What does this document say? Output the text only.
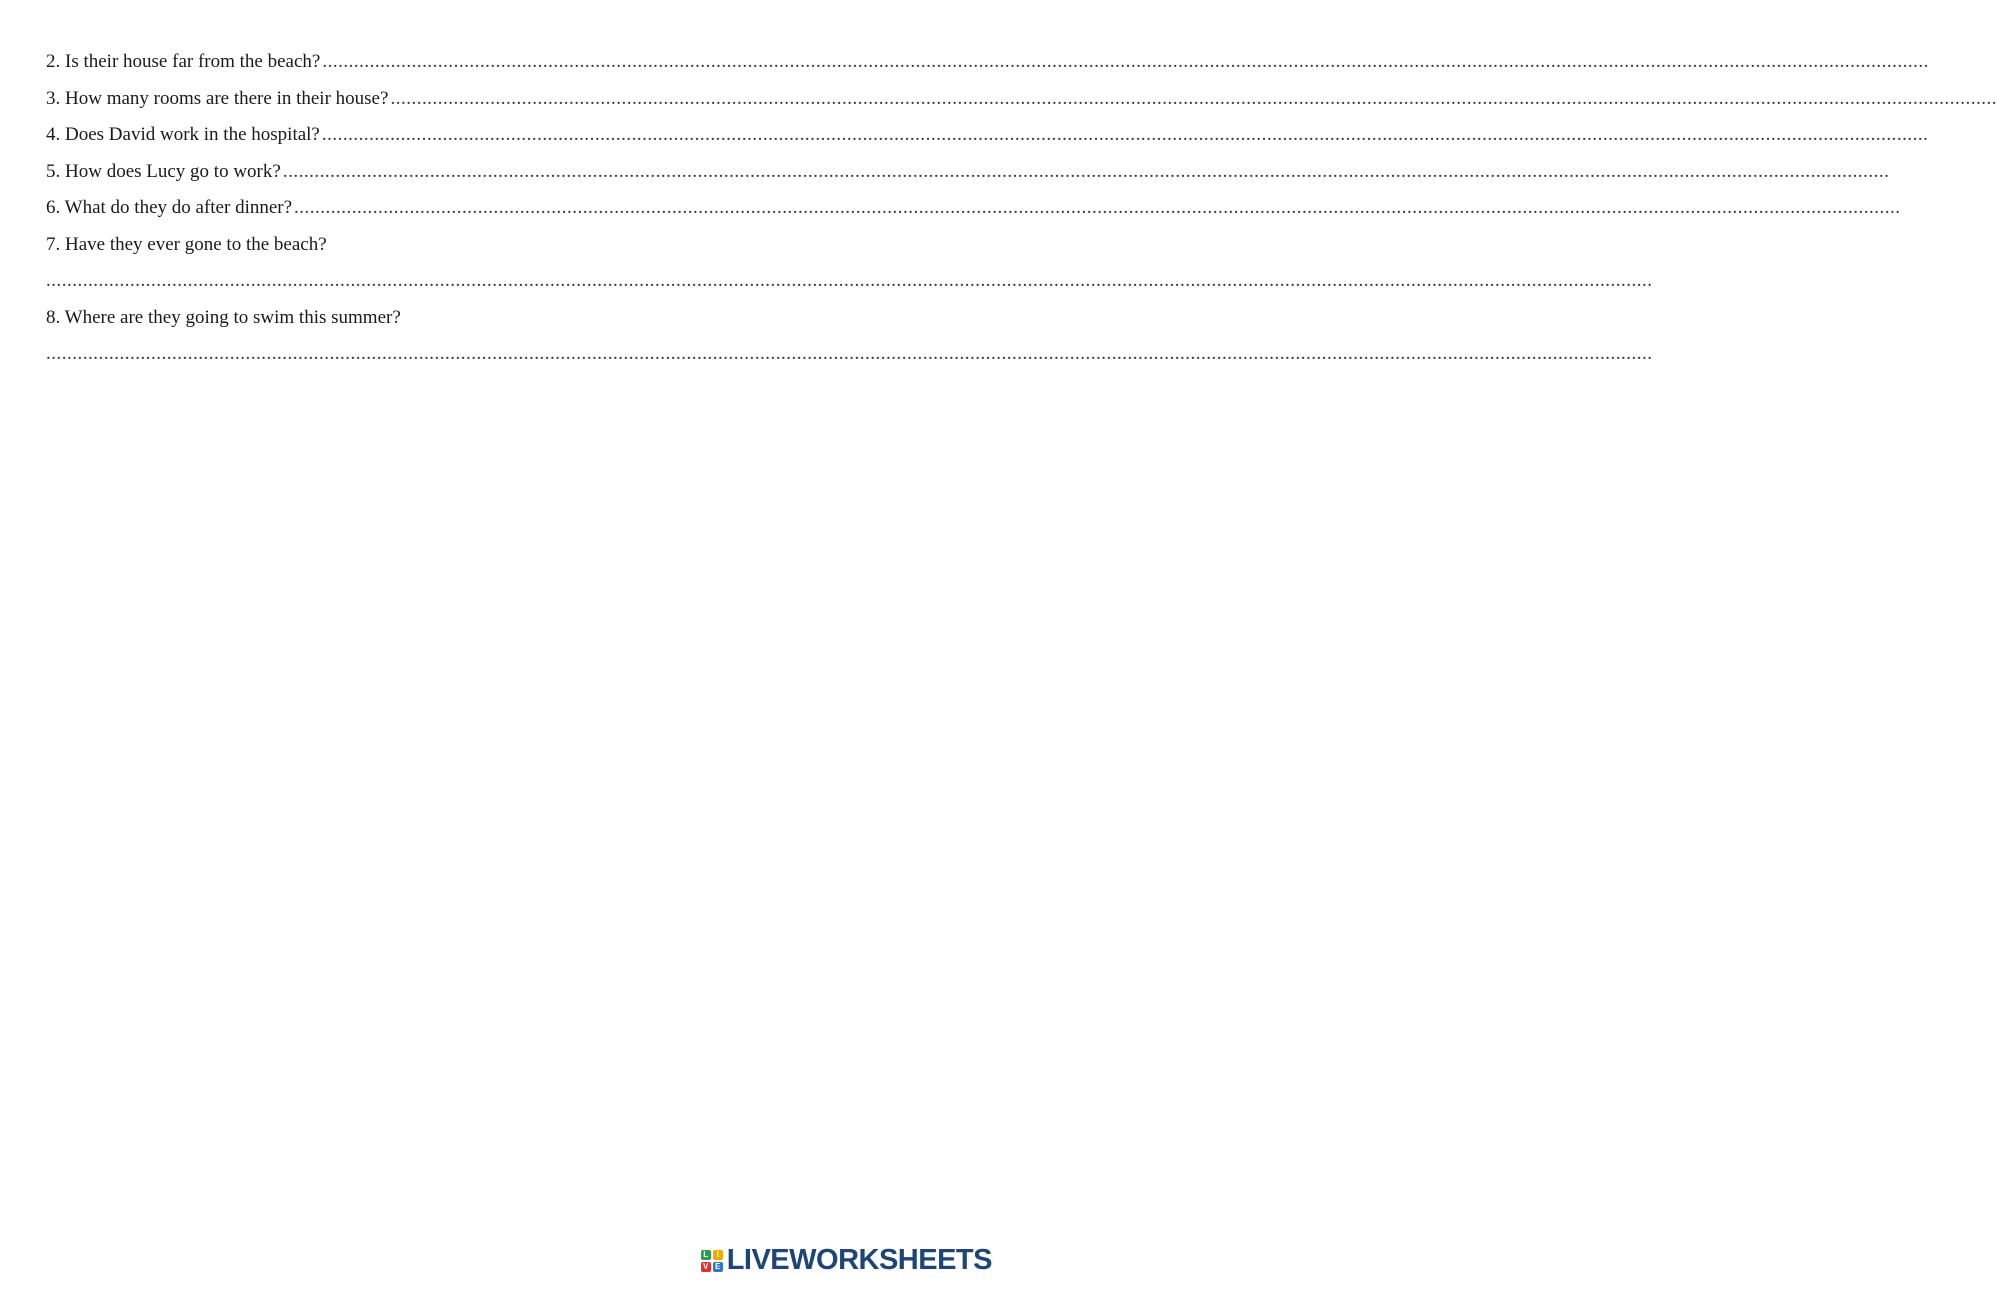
2. Is their house far from the beach? ..................................................................................................................................................................................................................................................................................................................
3. How many rooms are there in their house? ..................................................................................................................................................................................................................................................................................................................
4. Does David work in the hospital? ..................................................................................................................................................................................................................................................................................................................
5. How does Lucy go to work? ..................................................................................................................................................................................................................................................................................................................
6. What do they do after dinner? ..................................................................................................................................................................................................................................................................................................................
7. Have they ever gone to the beach?
..................................................................................................................................................................................................................................................................................................................
8. Where are they going to swim this summer?
..................................................................................................................................................................................................................................................................................................................
L	I
V E LIVEWORKSHEETS
